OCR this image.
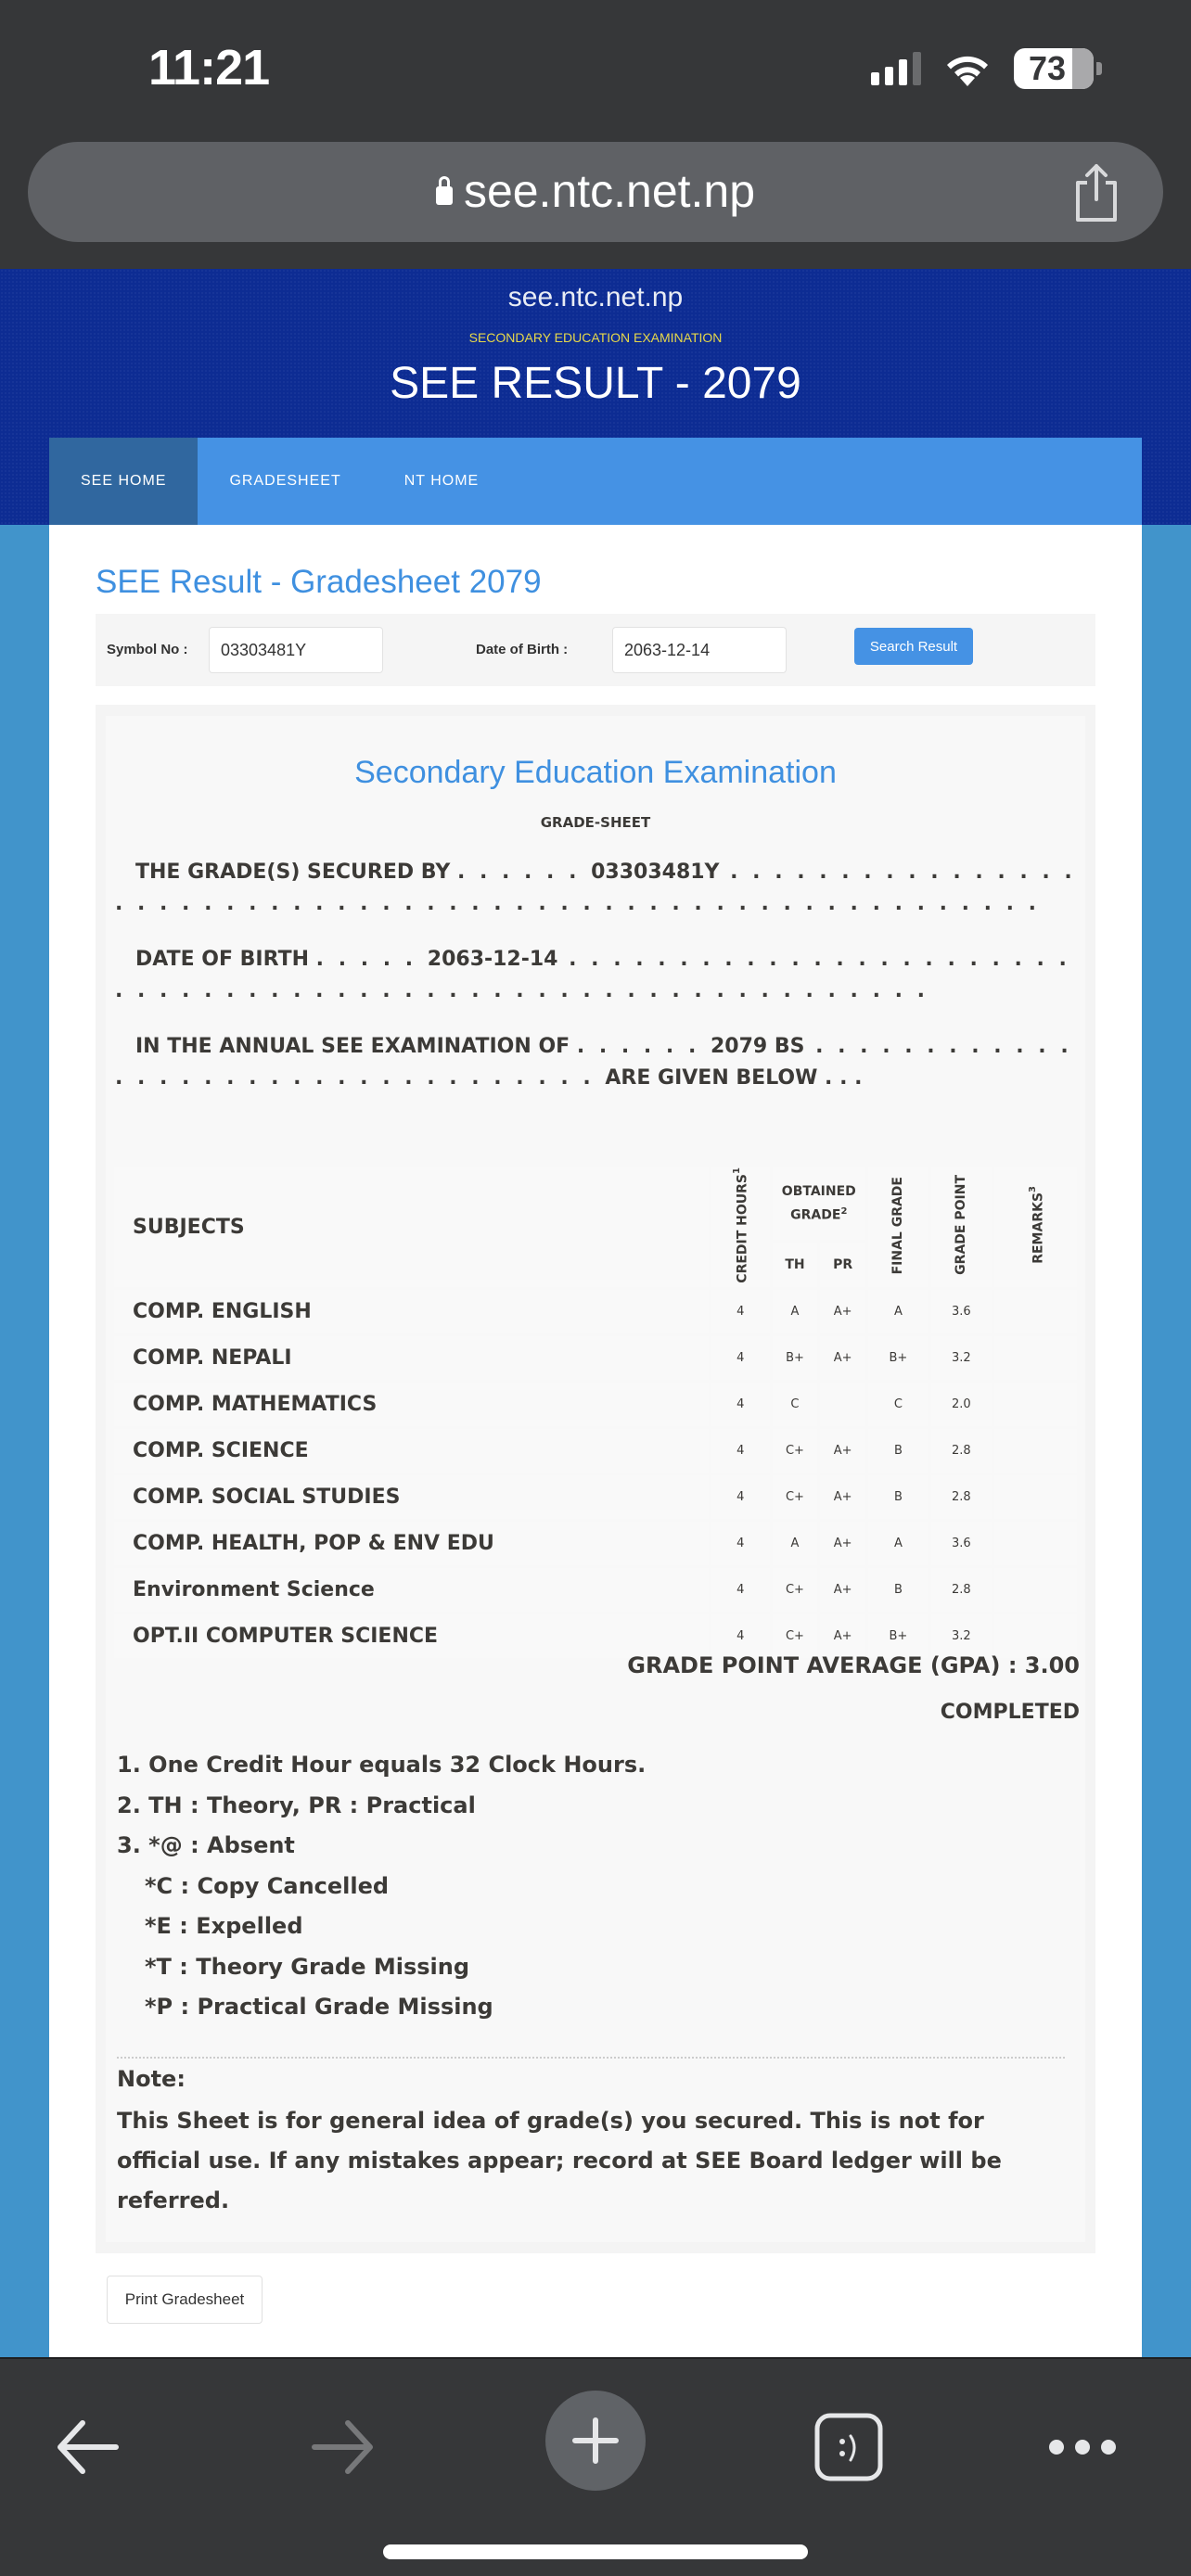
11:21	73
see.ntc.net.np
see.ntc.net.np
SECONDARY EDUCATION EXAMINATION
SEE RESULT - 2079
SEE HOME	GRADESHEET	NT HOME
SEE Result - Gradesheet 2079
Symbol No :
03303481Y	Date of Birth :
2063-12-14	Search Result
Secondary Education Examination
GRADE-SHEET
THE GRADE(S) SECURED BY . . . . . . 03303481Y . . . . . . . . . . . . . . . . . . . . . . . . . . . . . . . . . . . . . . . . . . . . . . . . . . . . . . . . . .
DATE OF BIRTH . . . . . 2063-12-14 . . . . . . . . . . . . . . . . . . . . . . . . . . . . . . . . . . . . . . . . . . . . . . . . . . . . . . . . . . . .
IN THE ANNUAL SEE EXAMINATION OF . . . . . . 2079 BS . . . . . . . . . . . . . . . . . . . . . . . . . . . . . . . . . . ARE GIVEN BELOW . . .
SUBJECTS	CREDIT HOURS$^1$	OBTAINED GRADE$^2$		FINAL GRADE	GRADE POINT	REMARKS$^3$
		TH	PR			
COMP. ENGLISH	4	A	A+	A	3.6	
COMP. NEPALI	4	B+	A+	B+	3.2	
COMP. MATHEMATICS	4	C		C	2.0	
COMP. SCIENCE	4	C+	A+	B	2.8	
COMP. SOCIAL STUDIES	4	C+	A+	B	2.8	
COMP. HEALTH, POP & ENV EDU	4	A	A+	A	3.6	
Environment Science	4	C+	A+	B	2.8	
OPT.II COMPUTER SCIENCE	4	C+	A+	B+	3.2	
GRADE POINT AVERAGE (GPA) : 3.00
COMPLETED
1. One Credit Hour equals 32 Clock Hours.
2. TH : Theory, PR : Practical
3. *@ : Absent
*C : Copy Cancelled
*E : Expelled
*T : Theory Grade Missing
*P : Practical Grade Missing
Note:
This Sheet is for general idea of grade(s) you secured. This is not for official use. If any mistakes appear; record at SEE Board ledger will be referred.
Print Gradesheet
